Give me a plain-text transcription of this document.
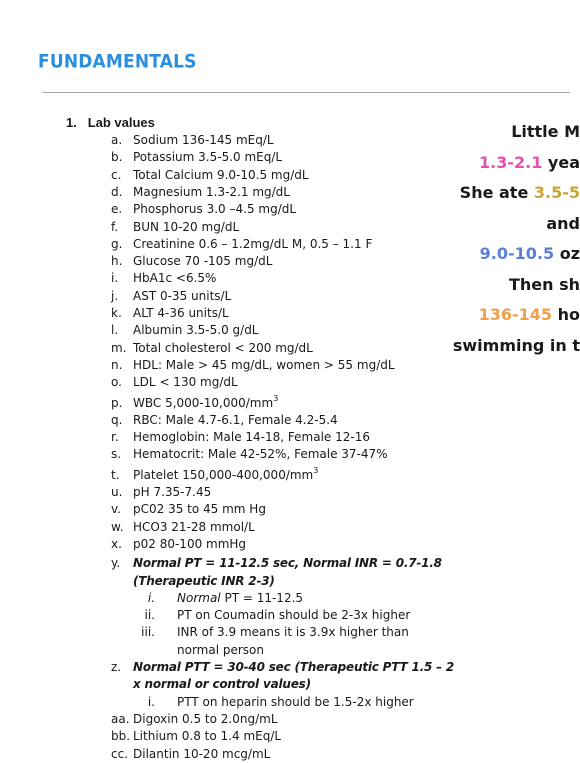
FUNDAMENTALS
1. Lab values
a. Sodium 136-145 mEq/L
b. Potassium 3.5-5.0 mEq/L
c. Total Calcium 9.0-10.5 mg/dL
d. Magnesium 1.3-2.1 mg/dL
e. Phosphorus 3.0 –4.5 mg/dL
f. BUN 10-20 mg/dL
g. Creatinine 0.6 – 1.2mg/dL M, 0.5 – 1.1 F
h. Glucose 70 -105 mg/dL
i. HbA1c <6.5%
j. AST 0-35 units/L
k. ALT 4-36 units/L
l. Albumin 3.5-5.0 g/dL
m. Total cholesterol < 200 mg/dL
n. HDL: Male > 45 mg/dL, women > 55 mg/dL
o. LDL < 130 mg/dL
p. WBC $5,000-10,000/mm^3$
q. RBC: Male 4.7-6.1, Female 4.2-5.4
r. Hemoglobin: Male 14-18, Female 12-16
s. Hematocrit: Male 42-52%, Female 37-47%
t. Platelet $150,000-400,000/mm^3$
u. pH 7.35-7.45
v. pC02 35 to 45 mm Hg
w. HCO3 21-28 mmol/L
x. p02 80-100 mmHg
y. Normal PT = 11-12.5 sec, Normal INR = 0.7-1.8
(Therapeutic INR 2-3)
i. Normal PT = 11-12.5
ii. PT on Coumadin should be 2-3x higher
iii. INR of 3.9 means it is 3.9x higher than
normal person
z. Normal PTT = 30-40 sec (Therapeutic PTT 1.5 – 2
x normal or control values)
i. PTT on heparin should be 1.5-2x higher
aa. Digoxin 0.5 to 2.0ng/mL
bb. Lithium 0.8 to 1.4 mEq/L
cc. Dilantin 10-20 mcg/mL
Little M
1.3-2.1 yea
She ate 3.5-5
and
9.0-10.5 oz
Then sh
136-145 ho
swimming in t
